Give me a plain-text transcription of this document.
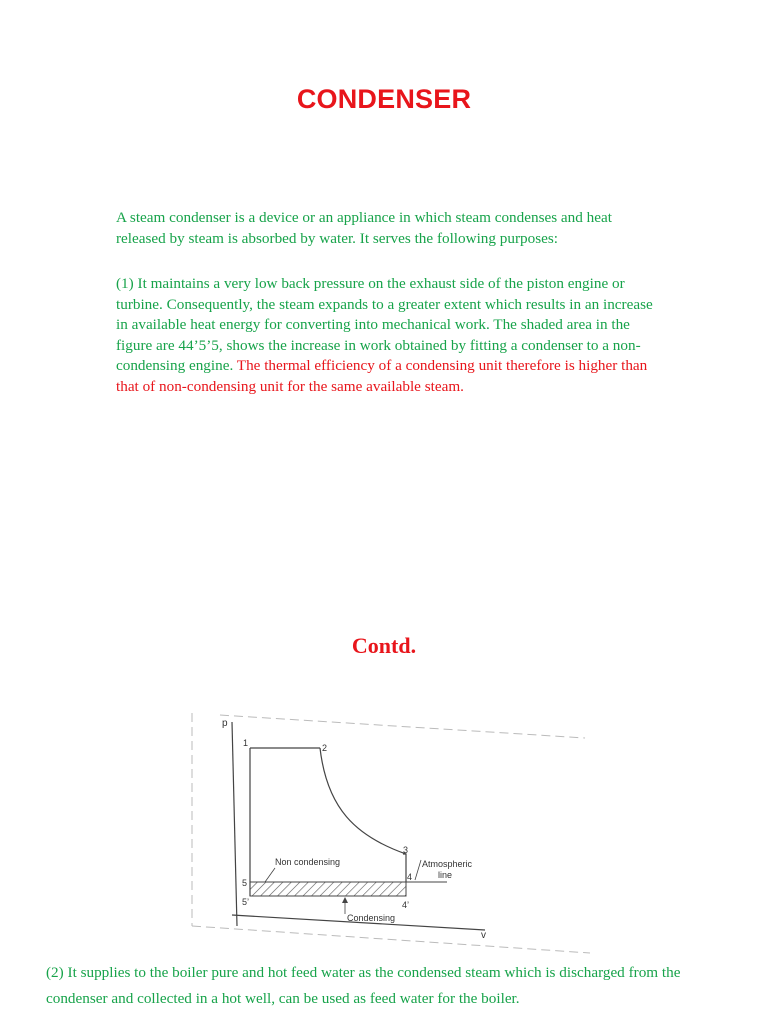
CONDENSER
A steam condenser is a device or an appliance in which steam condenses and heat released by steam is absorbed by water. It serves the following purposes:
(1) It maintains a very low back pressure on the exhaust side of the piston engine or turbine. Consequently, the steam expands to a greater extent which results in an increase in available heat energy for converting into mechanical work. The shaded area in the figure are 44’5’5, shows the increase in work obtained by fitting a condenser to a non-condensing engine. The thermal efficiency of a condensing unit therefore is higher than that of non-condensing unit for the same available steam.
Contd.
p
v
1	2
3
4
4’
5
5’
Non condensing	Atmospheric
line
Condensing
(2) It supplies to the boiler pure and hot feed water as the condensed steam which is discharged from the condenser and collected in a hot well, can be used as feed water for the boiler.
